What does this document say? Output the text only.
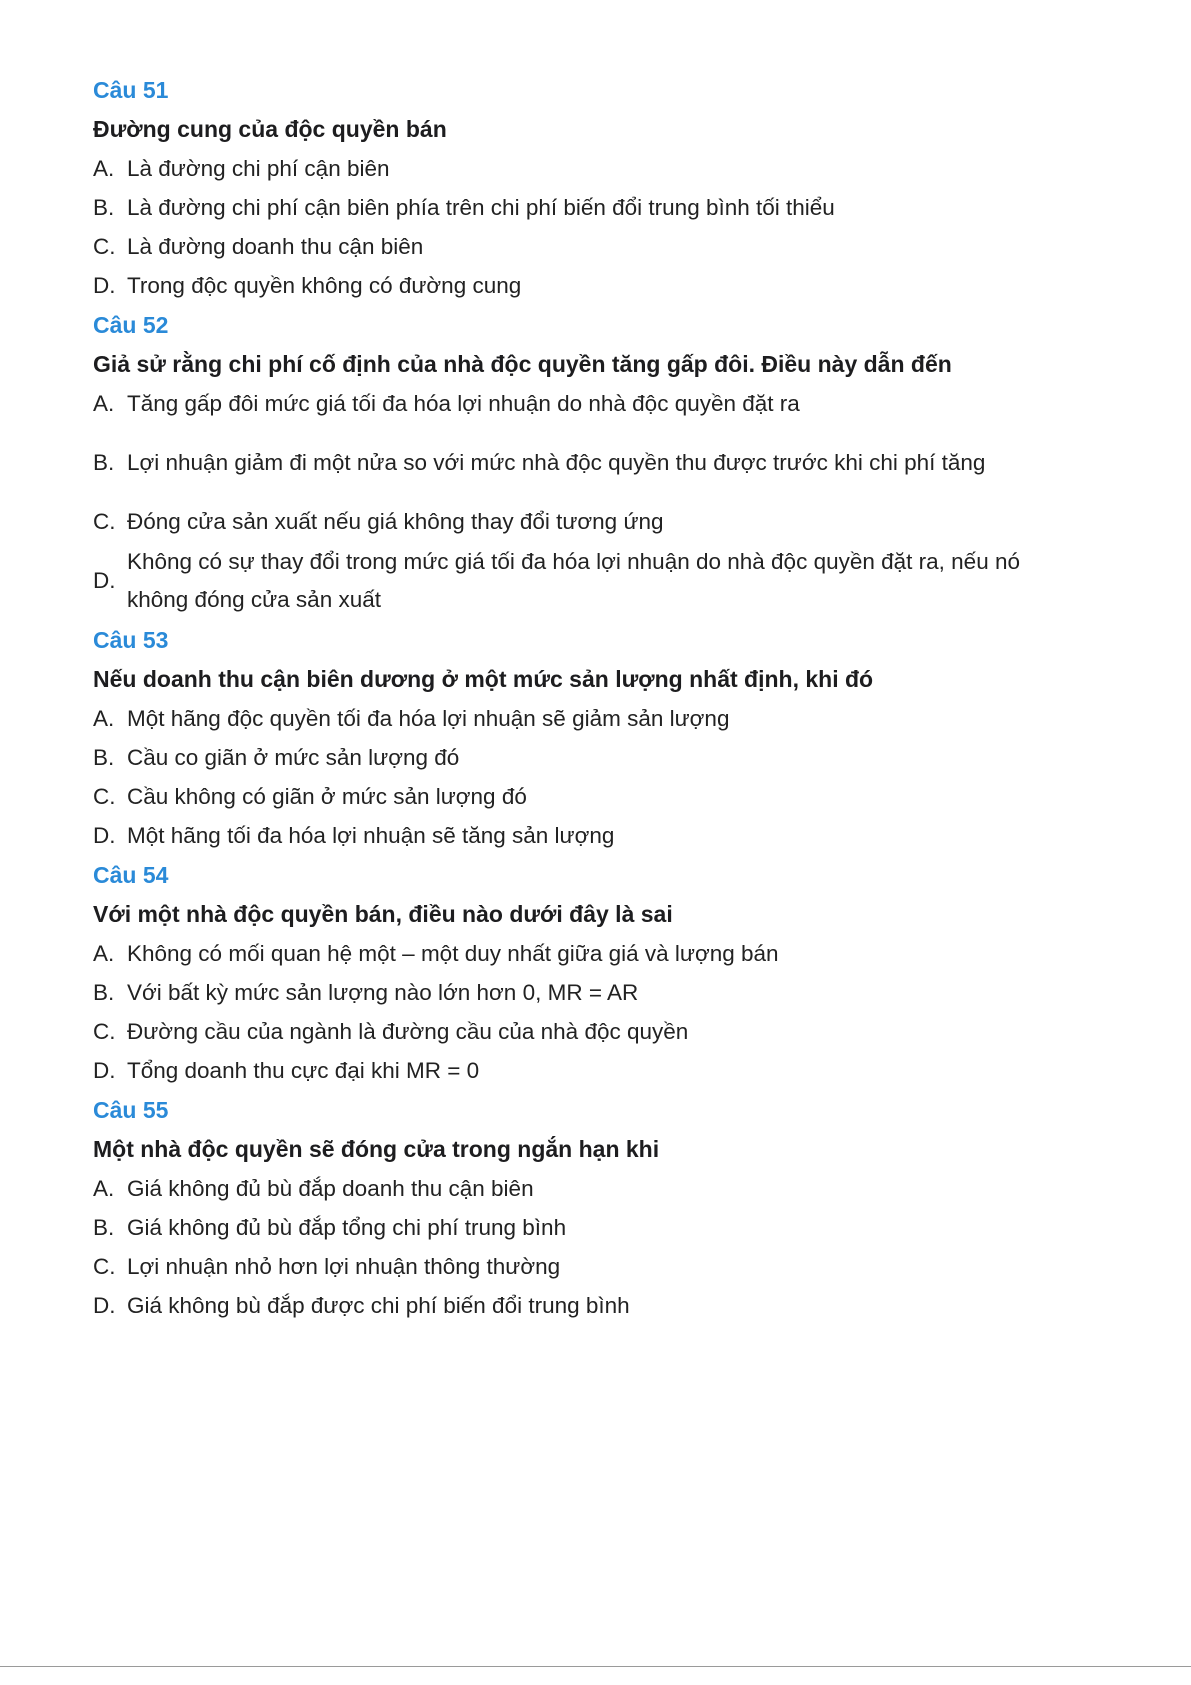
Câu 51
Đường cung của độc quyền bán
A. Là đường chi phí cận biên
B. Là đường chi phí cận biên phía trên chi phí biến đổi trung bình tối thiểu
C. Là đường doanh thu cận biên
D. Trong độc quyền không có đường cung
Câu 52
Giả sử rằng chi phí cố định của nhà độc quyền tăng gấp đôi. Điều này dẫn đến
A. Tăng gấp đôi mức giá tối đa hóa lợi nhuận do nhà độc quyền đặt ra
B. Lợi nhuận giảm đi một nửa so với mức nhà độc quyền thu được trước khi chi phí tăng
C. Đóng cửa sản xuất nếu giá không thay đổi tương ứng
D.
Không có sự thay đổi trong mức giá tối đa hóa lợi nhuận do nhà độc quyền đặt ra, nếu nó không đóng cửa sản xuất
Câu 53
Nếu doanh thu cận biên dương ở một mức sản lượng nhất định, khi đó
A. Một hãng độc quyền tối đa hóa lợi nhuận sẽ giảm sản lượng
B. Cầu co giãn ở mức sản lượng đó
C. Cầu không có giãn ở mức sản lượng đó
D. Một hãng tối đa hóa lợi nhuận sẽ tăng sản lượng
Câu 54
Với một nhà độc quyền bán, điều nào dưới đây là sai
A. Không có mối quan hệ một – một duy nhất giữa giá và lượng bán
B. Với bất kỳ mức sản lượng nào lớn hơn 0, MR = AR
C. Đường cầu của ngành là đường cầu của nhà độc quyền
D. Tổng doanh thu cực đại khi MR = 0
Câu 55
Một nhà độc quyền sẽ đóng cửa trong ngắn hạn khi
A. Giá không đủ bù đắp doanh thu cận biên
B. Giá không đủ bù đắp tổng chi phí trung bình
C. Lợi nhuận nhỏ hơn lợi nhuận thông thường
D. Giá không bù đắp được chi phí biến đổi trung bình
